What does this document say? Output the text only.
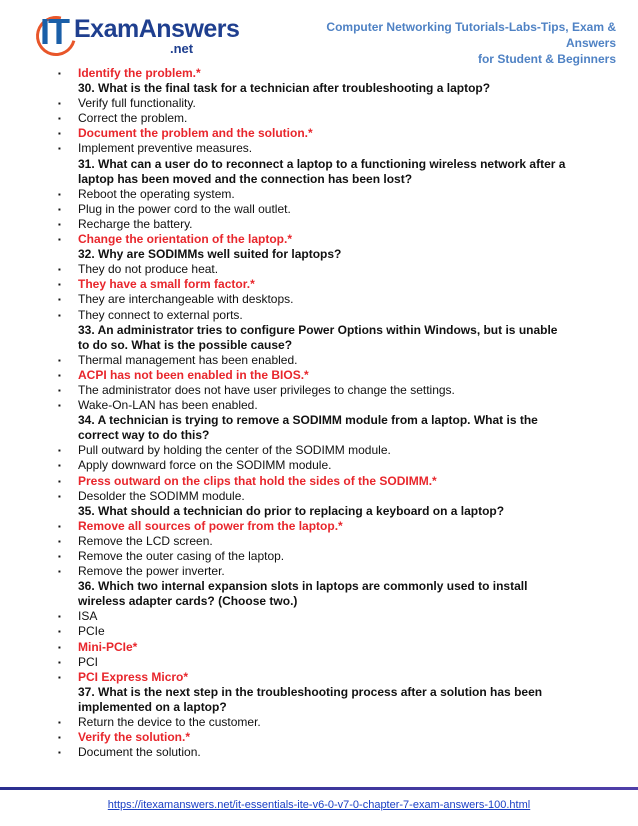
IT ExamAnswers
.net
Computer Networking Tutorials-Labs-Tips, Exam & Answers
for Student & Beginners
▪ Identify the problem.*
30. What is the final task for a technician after troubleshooting a laptop?
▪ Verify full functionality.
▪ Correct the problem.
▪ Document the problem and the solution.*
▪ Implement preventive measures.
31. What can a user do to reconnect a laptop to a functioning wireless network after a laptop has been moved and the connection has been lost?
▪ Reboot the operating system.
▪ Plug in the power cord to the wall outlet.
▪ Recharge the battery.
▪ Change the orientation of the laptop.*
32. Why are SODIMMs well suited for laptops?
▪ They do not produce heat.
▪ They have a small form factor.*
▪ They are interchangeable with desktops.
▪ They connect to external ports.
33. An administrator tries to configure Power Options within Windows, but is unable to do so. What is the possible cause?
▪ Thermal management has been enabled.
▪ ACPI has not been enabled in the BIOS.*
▪ The administrator does not have user privileges to change the settings.
▪ Wake-On-LAN has been enabled.
34. A technician is trying to remove a SODIMM module from a laptop. What is the correct way to do this?
▪ Pull outward by holding the center of the SODIMM module.
▪ Apply downward force on the SODIMM module.
▪ Press outward on the clips that hold the sides of the SODIMM.*
▪ Desolder the SODIMM module.
35. What should a technician do prior to replacing a keyboard on a laptop?
▪ Remove all sources of power from the laptop.*
▪ Remove the LCD screen.
▪ Remove the outer casing of the laptop.
▪ Remove the power inverter.
36. Which two internal expansion slots in laptops are commonly used to install wireless adapter cards? (Choose two.)
▪ ISA
▪ PCIe
▪ Mini-PCIe*
▪ PCI
▪ PCI Express Micro*
37. What is the next step in the troubleshooting process after a solution has been implemented on a laptop?
▪ Return the device to the customer.
▪ Verify the solution.*
▪ Document the solution.
https://itexamanswers.net/it-essentials-ite-v6-0-v7-0-chapter-7-exam-answers-100.html
